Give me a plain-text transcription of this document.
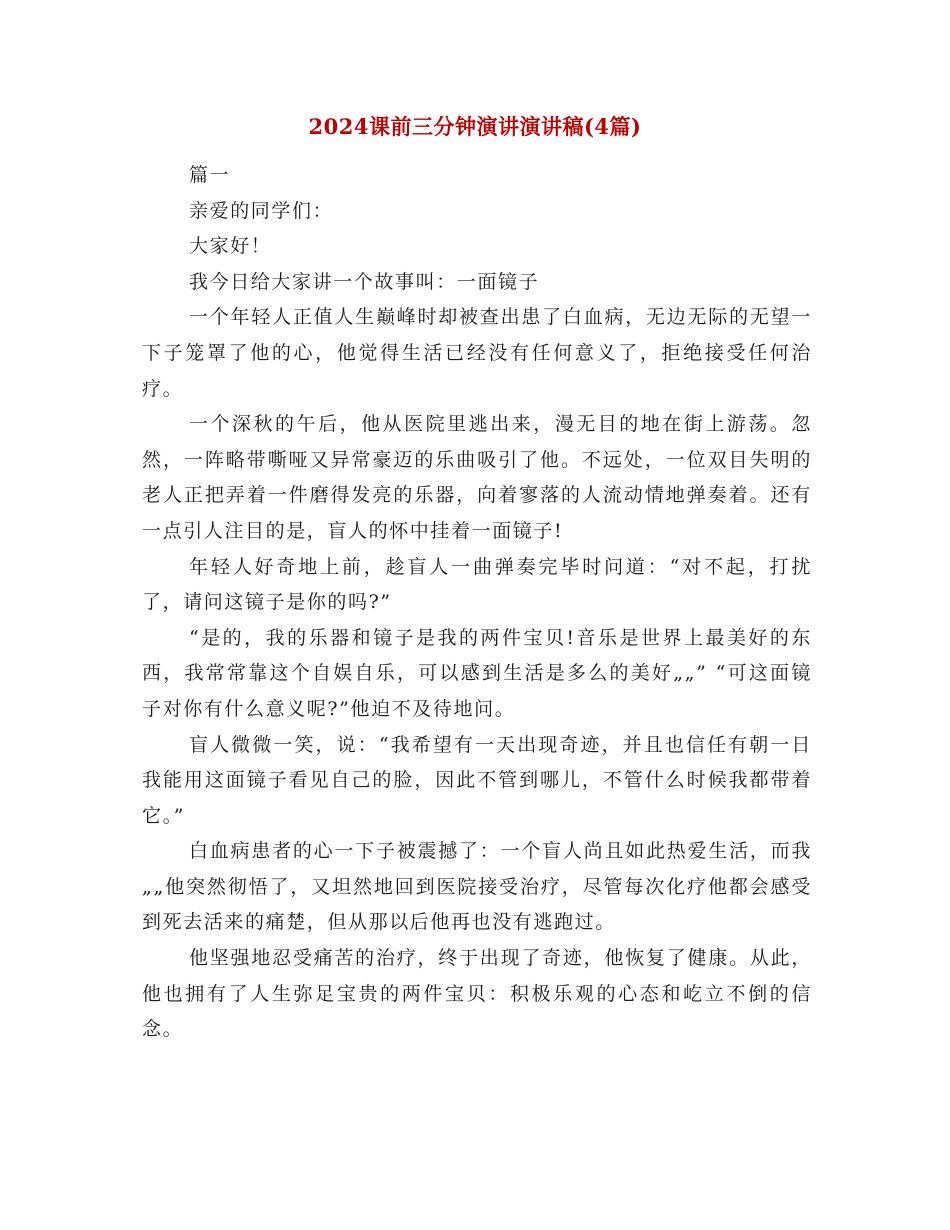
2024课前三分钟演讲演讲稿(4篇)

篇一

亲爱的同学们：

大家好！

我今日给大家讲一个故事叫：一面镜子

一个年轻人正值人生巅峰时却被查出患了白血病，无边无际的无望一下子笼罩了他的心，他觉得生活已经没有任何意义了，拒绝接受任何治疗。

一个深秋的午后，他从医院里逃出来，漫无目的地在街上游荡。忽然，一阵略带嘶哑又异常豪迈的乐曲吸引了他。不远处，一位双目失明的老人正把弄着一件磨得发亮的乐器，向着寥落的人流动情地弹奏着。还有一点引人注目的是，盲人的怀中挂着一面镜子!

年轻人好奇地上前，趁盲人一曲弹奏完毕时问道：“对不起，打扰了，请问这镜子是你的吗?”

“是的，我的乐器和镜子是我的两件宝贝!音乐是世界上最美好的东西，我常常靠这个自娱自乐，可以感到生活是多么的美好„„” “可这面镜子对你有什么意义呢?”他迫不及待地问。

盲人微微一笑，说：“我希望有一天出现奇迹，并且也信任有朝一日我能用这面镜子看见自己的脸，因此不管到哪儿，不管什么时候我都带着它。”

白血病患者的心一下子被震撼了：一个盲人尚且如此热爱生活，而我„„他突然彻悟了，又坦然地回到医院接受治疗，尽管每次化疗他都会感受到死去活来的痛楚，但从那以后他再也没有逃跑过。

他坚强地忍受痛苦的治疗，终于出现了奇迹，他恢复了健康。从此，他也拥有了人生弥足宝贵的两件宝贝：积极乐观的心态和屹立不倒的信念。
